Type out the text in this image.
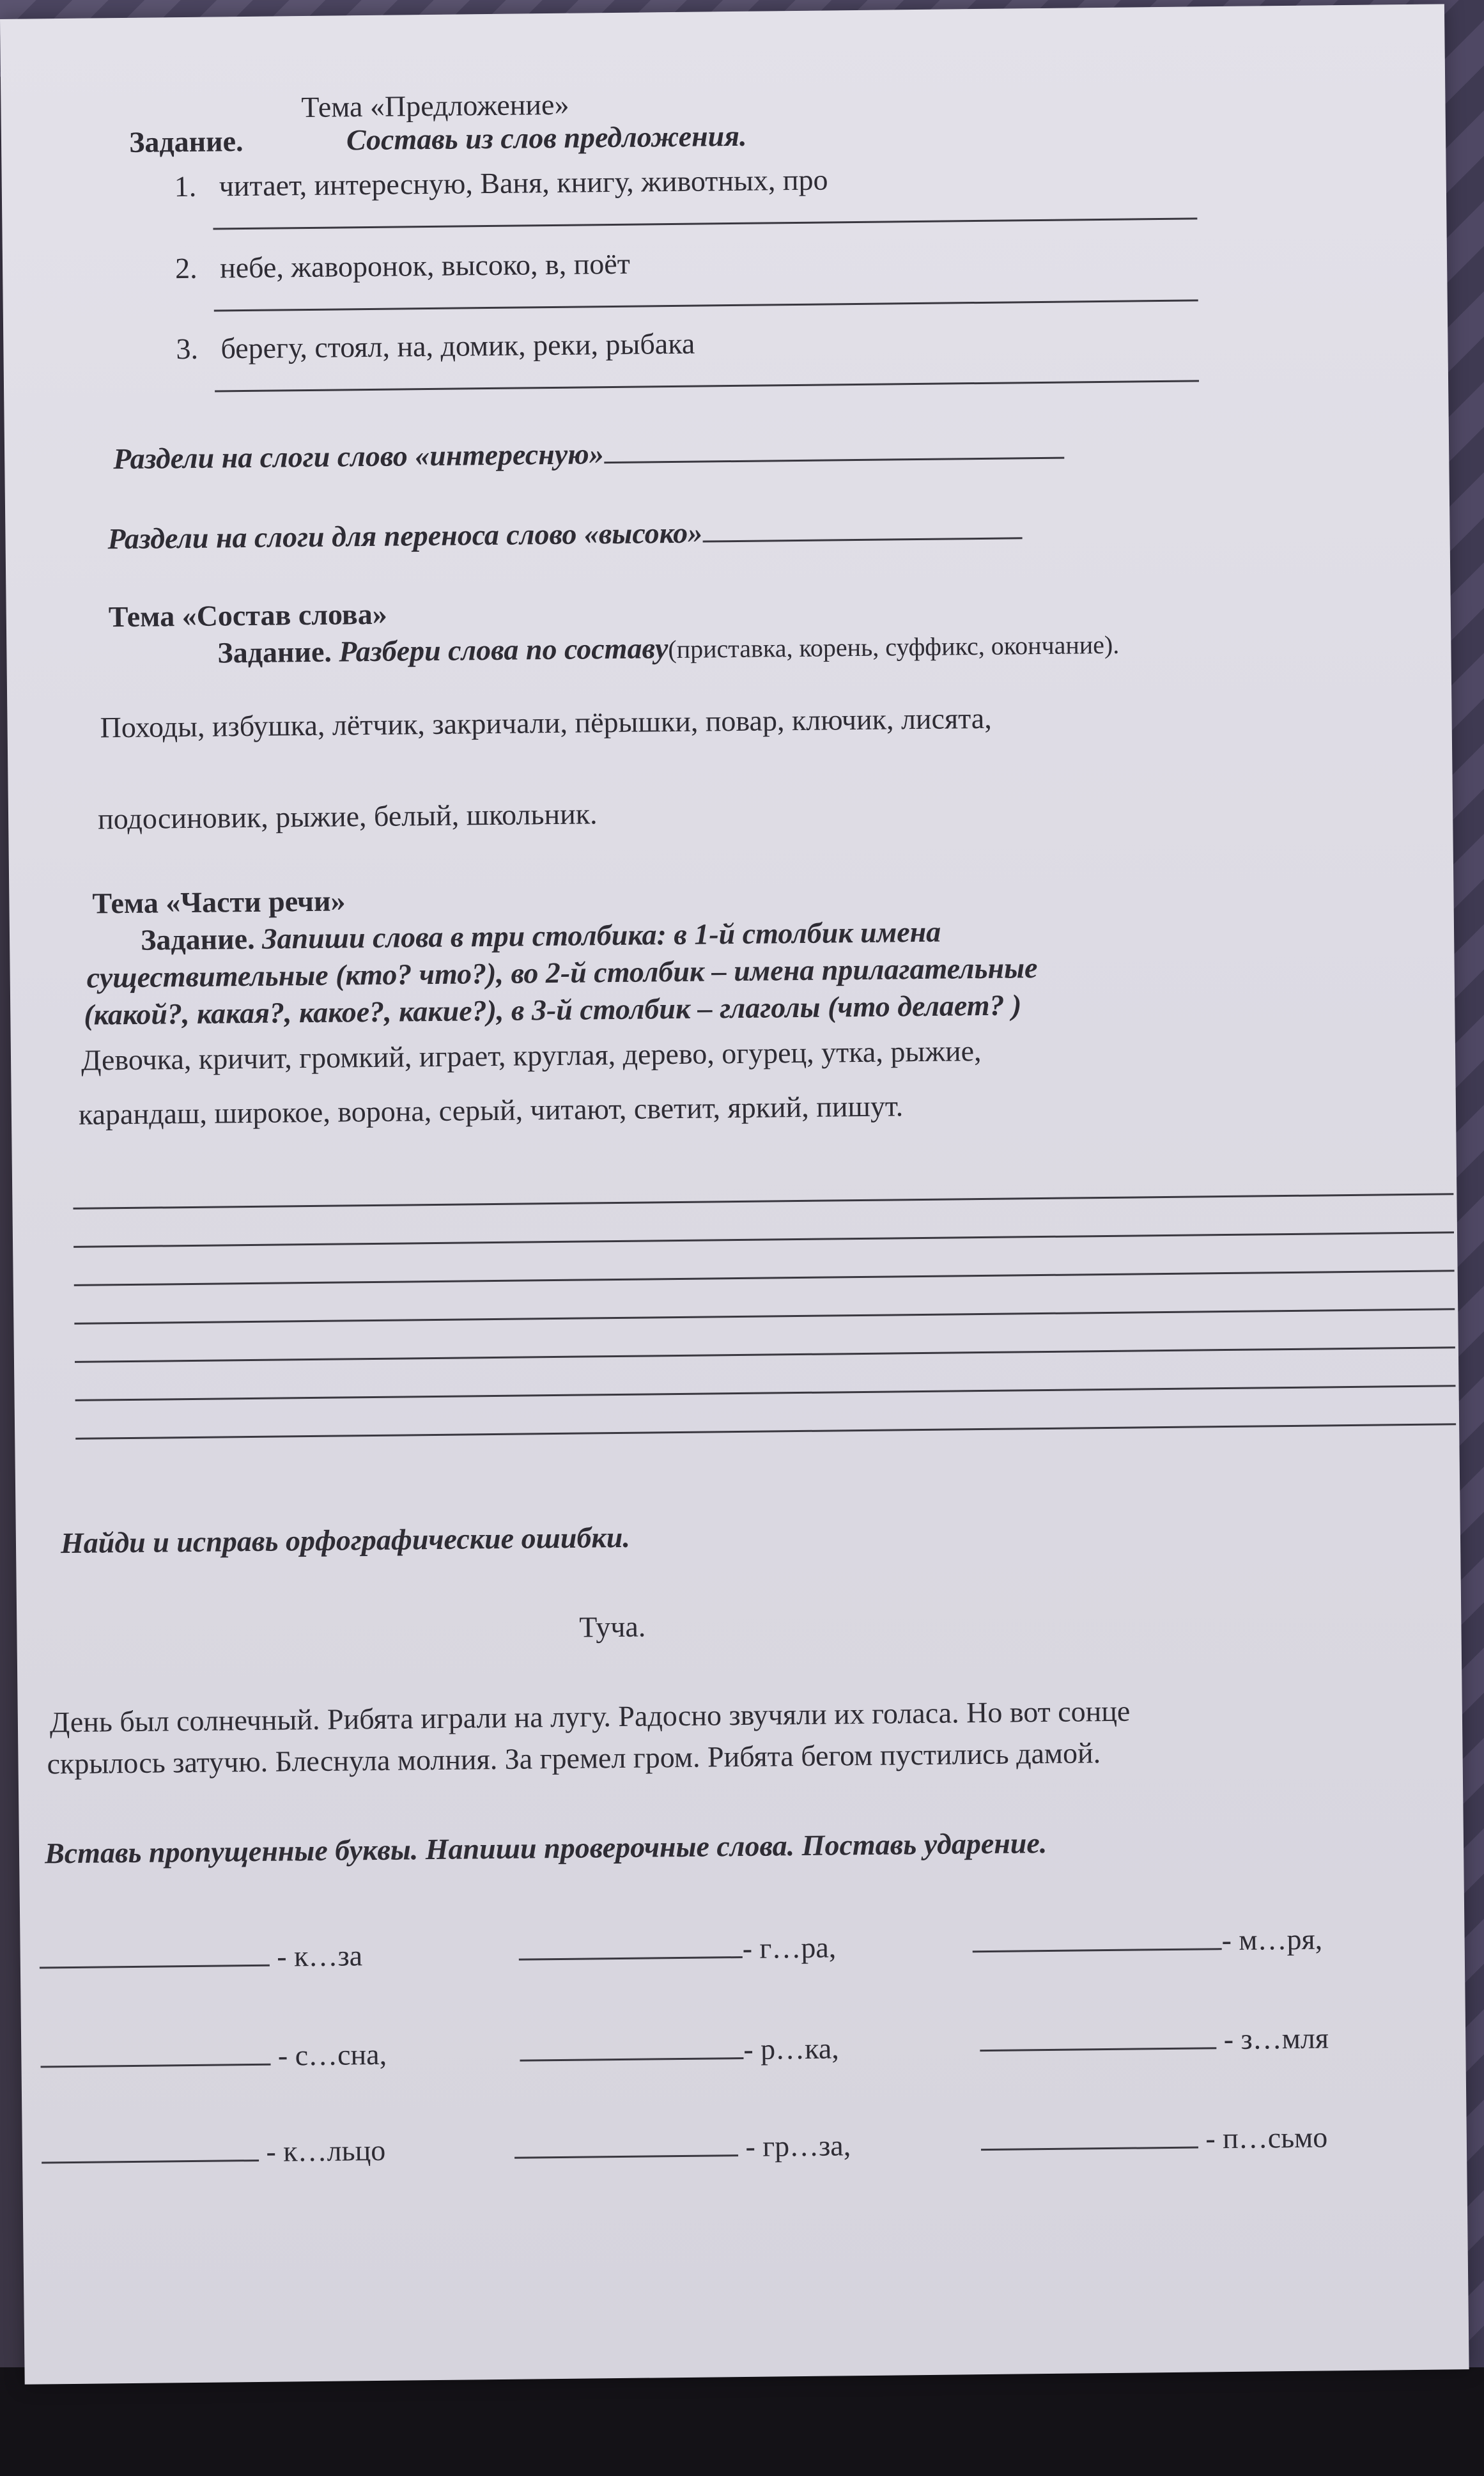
Тема «Предложение»
Задание.	Составь из слов предложения.
1. читает, интересную, Ваня, книгу, животных, про
2. небе, жаворонок, высоко, в, поёт
3. берегу, стоял, на, домик, реки, рыбака
Раздели на слоги слово «интересную»
Раздели на слоги для переноса слово «высоко»
Тема «Состав слова»
Задание. Разбери слова по составу(приставка, корень, суффикс, окончание).
Походы, избушка, лётчик, закричали, пёрышки, повар, ключик, лисята,
подосиновик, рыжие, белый, школьник.
Тема «Части речи»
Задание. Запиши слова в три столбика: в 1-й столбик имена
существительные (кто? что?), во 2-й столбик – имена прилагательные
(какой?, какая?, какое?, какие?), в 3-й столбик – глаголы (что делает? )
Девочка, кричит, громкий, играет, круглая, дерево, огурец, утка, рыжие,
карандаш, широкое, ворона, серый, читают, светит, яркий, пишут.
Найди и исправь орфографические ошибки.
Туча.
День был солнечный. Рибята играли на лугу. Радосно звучяли их голаса. Но вот сонце
скрылось затучю. Блеснула молния. За гремел гром. Рибята бегом пустились дамой.
Вставь пропущенные буквы. Напиши проверочные слова. Поставь ударение.
- к…за	- г…ра,	- м…ря,
- с…сна,	- р…ка,	- з…мля
- к…льцо	- гр…за,	- п…сьмо
